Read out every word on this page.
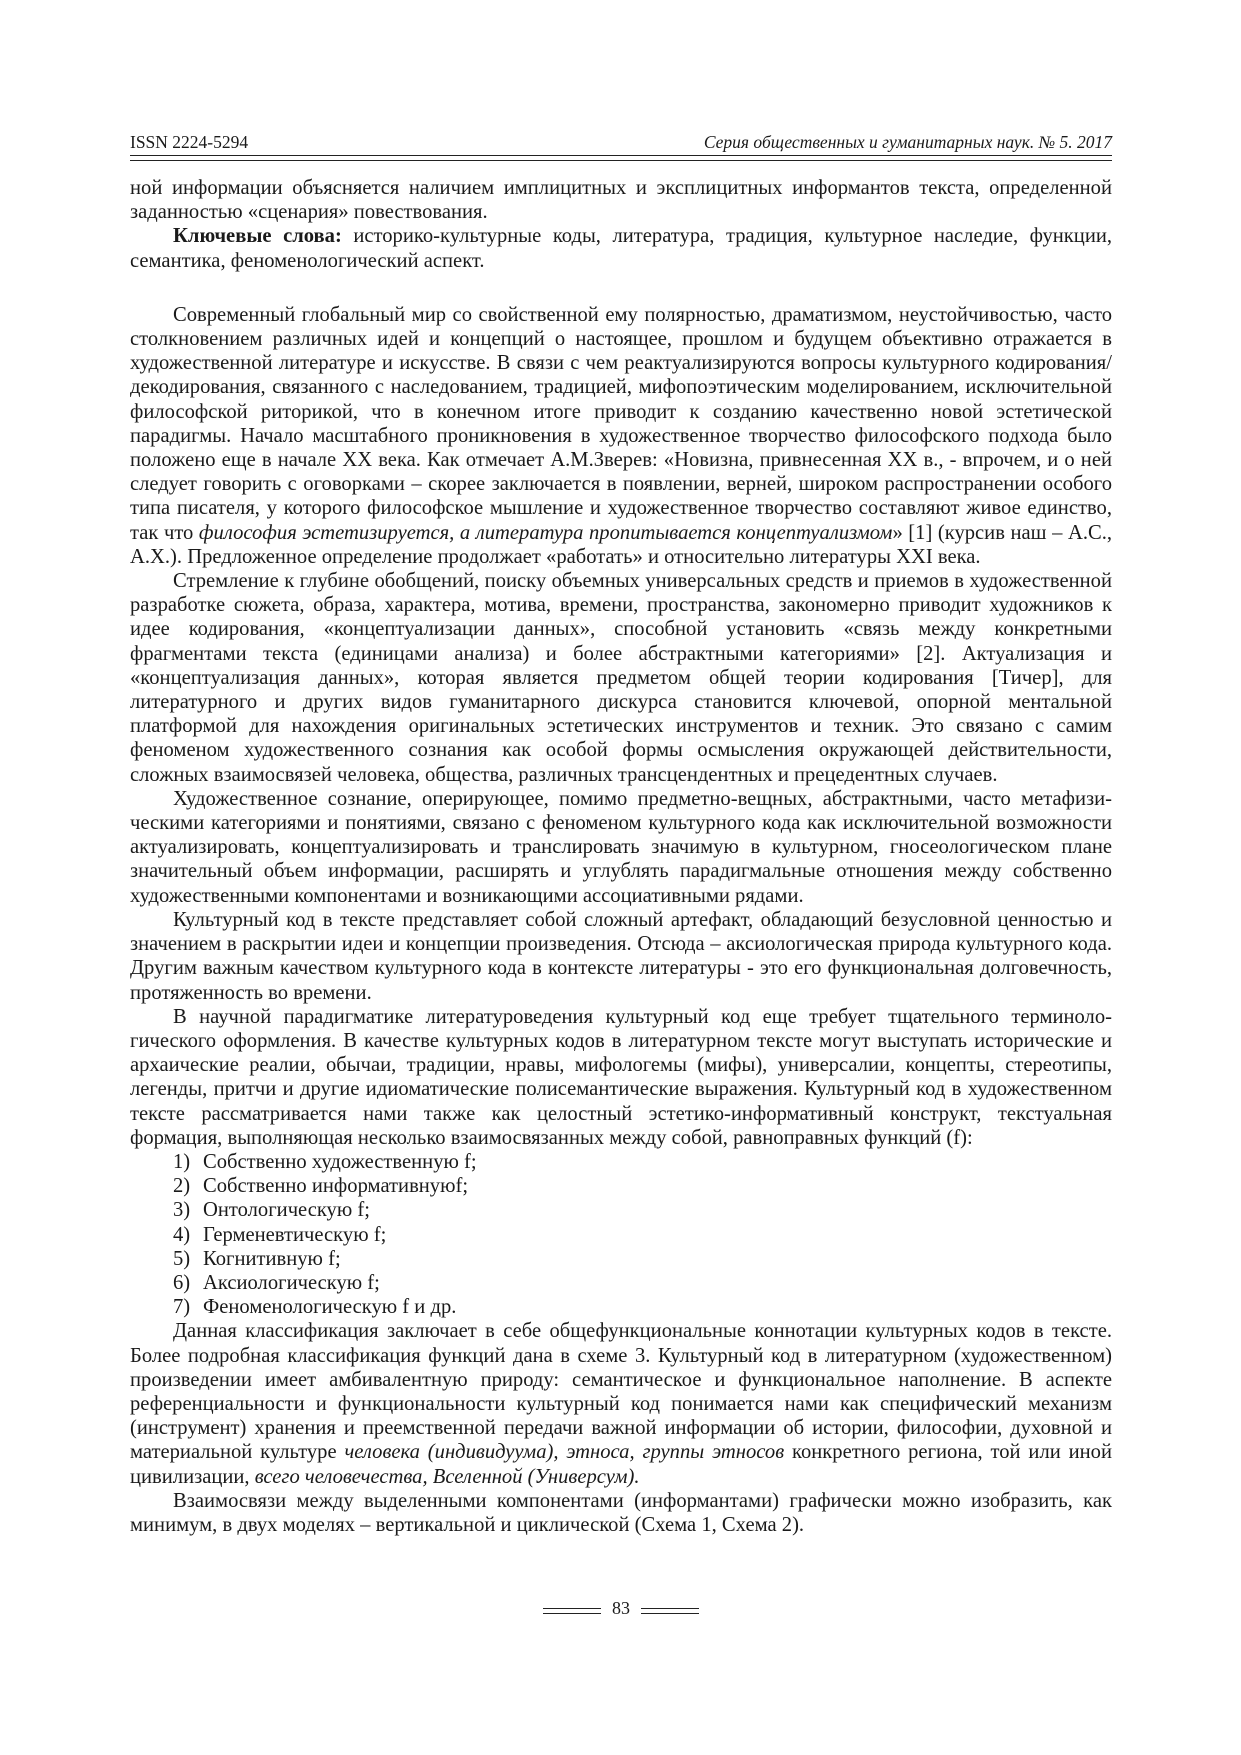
ISSN 2224-5294	Серия общественных и гуманитарных наук. № 5. 2017

ной информации объясняется наличием имплицитных и эксплицитных информантов текста, определенной заданностью «сценария» повествования.

Ключевые слова: историко-культурные коды, литература, традиция, культурное наследие, функции, семантика, феноменологический аспект.

Современный глобальный мир со свойственной ему полярностью, драматизмом, неустойчивостью, часто столкновением различных идей и концепций о настоящее, прошлом и будущем объективно отражается в художественной литературе и искусстве. В связи с чем реактуализируются вопросы культурного кодирования/декодирования, связанного с наследованием, традицией, мифопоэтическим моделированием, исключительной философской риторикой, что в конечном итоге приводит к созданию качественно новой эстетической парадигмы. Начало масштабного проникновения в художественное творчество философского подхода было положено еще в начале XX века. Как отмечает А.М.Зверев: «Новизна, привнесенная XX в., - впрочем, и о ней следует говорить с оговорками – скорее заключается в появлении, верней, широком распространении особого типа писателя, у которого философское мышление и художественное творчество составляют живое единство, так что философия эстетизируется, а литература пропитывается концептуализмом» [1] (курсив наш – А.С., А.Х.). Предложенное определение продолжает «работать» и относительно литературы XXI века.

Стремление к глубине обобщений, поиску объемных универсальных средств и приемов в художественной разработке сюжета, образа, характера, мотива, времени, пространства, закономерно приводит художников к идее кодирования, «концептуализации данных», способной установить «связь между конкретными фрагментами текста (единицами анализа) и более абстрактными категориями» [2]. Актуализация и «концептуализация данных», которая является предметом общей теории кодирования [Тичер], для литературного и других видов гуманитарного дискурса становится ключевой, опорной ментальной платформой для нахождения оригинальных эстетических инструментов и техник. Это связано с самим феноменом художественного сознания как особой формы осмысления окружающей действительности, сложных взаимосвязей человека, общества, различных трансцендентных и прецедентных случаев.

Художественное сознание, оперирующее, помимо предметно-вещных, абстрактными, часто метафизическими категориями и понятиями, связано с феноменом культурного кода как исключительной возможности актуализировать, концептуализировать и транслировать значимую в культурном, гносеологическом плане значительный объем информации, расширять и углублять парадигмальные отношения между собственно художественными компонентами и возникающими ассоциативными рядами.

Культурный код в тексте представляет собой сложный артефакт, обладающий безусловной ценностью и значением в раскрытии идеи и концепции произведения. Отсюда – аксиологическая природа культурного кода. Другим важным качеством культурного кода в контексте литературы - это его функциональная долговечность, протяженность во времени.

В научной парадигматике литературоведения культурный код еще требует тщательного терминологического оформления. В качестве культурных кодов в литературном тексте могут выступать исторические и архаические реалии, обычаи, традиции, нравы, мифологемы (мифы), универсалии, концепты, стереотипы, легенды, притчи и другие идиоматические полисемантические выражения. Культурный код в художественном тексте рассматривается нами также как целостный эстетико-информативный конструкт, текстуальная формация, выполняющая несколько взаимосвязанных между собой, равноправных функций (f):

1) Собственно художественную f;
2) Собственно информативнуюf;
3) Онтологическую f;
4) Герменевтическую f;
5) Когнитивную f;
6) Аксиологическую f;
7) Феноменологическую f и др.

Данная классификация заключает в себе общефункциональные коннотации культурных кодов в тексте. Более подробная классификация функций дана в схеме 3. Культурный код в литературном (художественном) произведении имеет амбивалентную природу: семантическое и функциональное наполнение. В аспекте референциальности и функциональности культурный код понимается нами как специфический механизм (инструмент) хранения и преемственной передачи важной информации об истории, философии, духовной и материальной культуре человека (индивидуума), этноса, группы этносов конкретного региона, той или иной цивилизации, всего человечества, Вселенной (Универсум).

Взаимосвязи между выделенными компонентами (информантами) графически можно изобразить, как минимум, в двух моделях – вертикальной и циклической (Схема 1, Схема 2).

83
